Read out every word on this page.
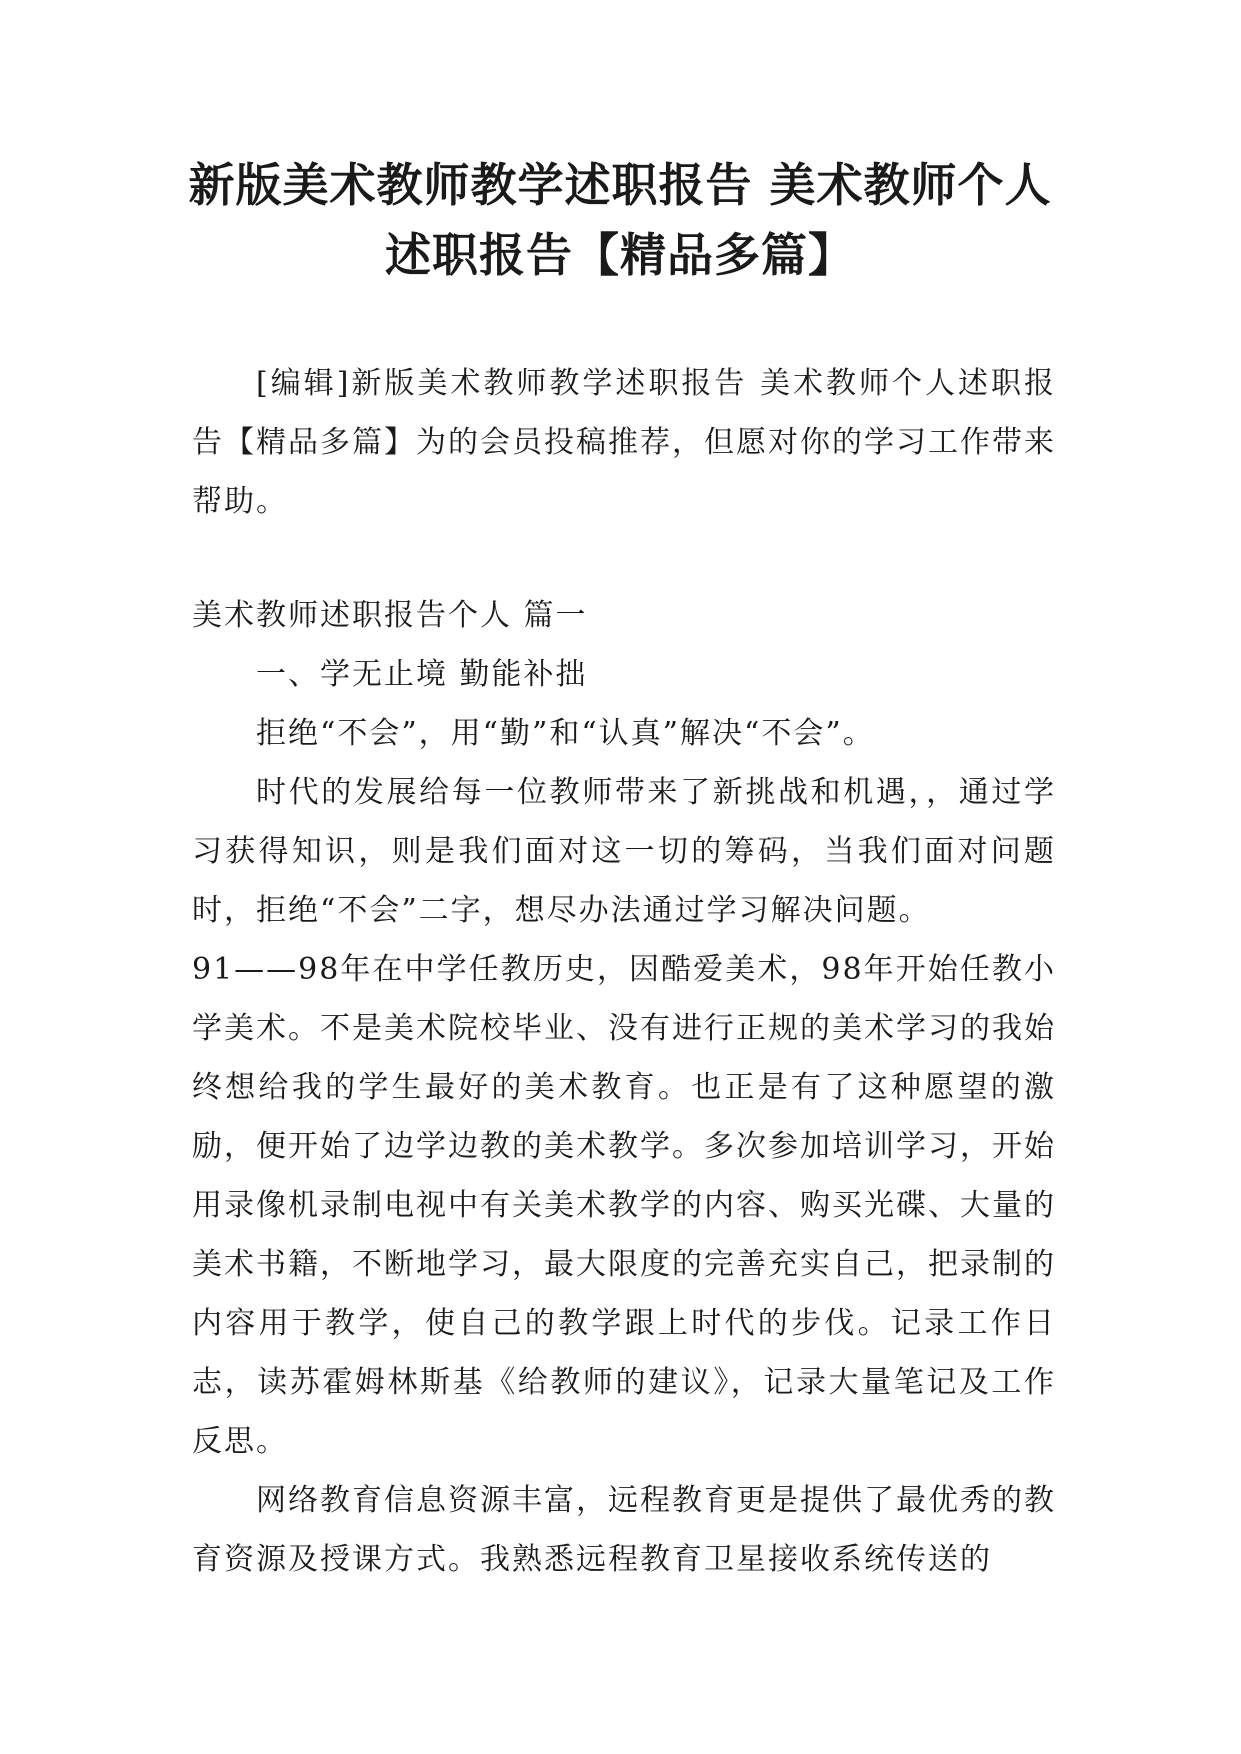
新版美术教师教学述职报告 美术教师个人
述职报告【精品多篇】

[编辑]新版美术教师教学述职报告 美术教师个人述职报告【精品多篇】为的会员投稿推荐，但愿对你的学习工作带来帮助。

美术教师述职报告个人 篇一

一、学无止境 勤能补拙

拒绝“不会”，用“勤”和“认真”解决“不会”。

时代的发展给每一位教师带来了新挑战和机遇，，通过学习获得知识，则是我们面对这一切的筹码，当我们面对问题时，拒绝“不会”二字，想尽办法通过学习解决问题。

91——98年在中学任教历史，因酷爱美术，98年开始任教小学美术。不是美术院校毕业、没有进行正规的美术学习的我始终想给我的学生最好的美术教育。也正是有了这种愿望的激励，便开始了边学边教的美术教学。多次参加培训学习，开始用录像机录制电视中有关美术教学的内容、购买光碟、大量的美术书籍，不断地学习，最大限度的完善充实自己，把录制的内容用于教学，使自己的教学跟上时代的步伐。记录工作日志，读苏霍姆林斯基《给教师的建议》，记录大量笔记及工作反思。

网络教育信息资源丰富，远程教育更是提供了最优秀的教育资源及授课方式。我熟悉远程教育卫星接收系统传送的
